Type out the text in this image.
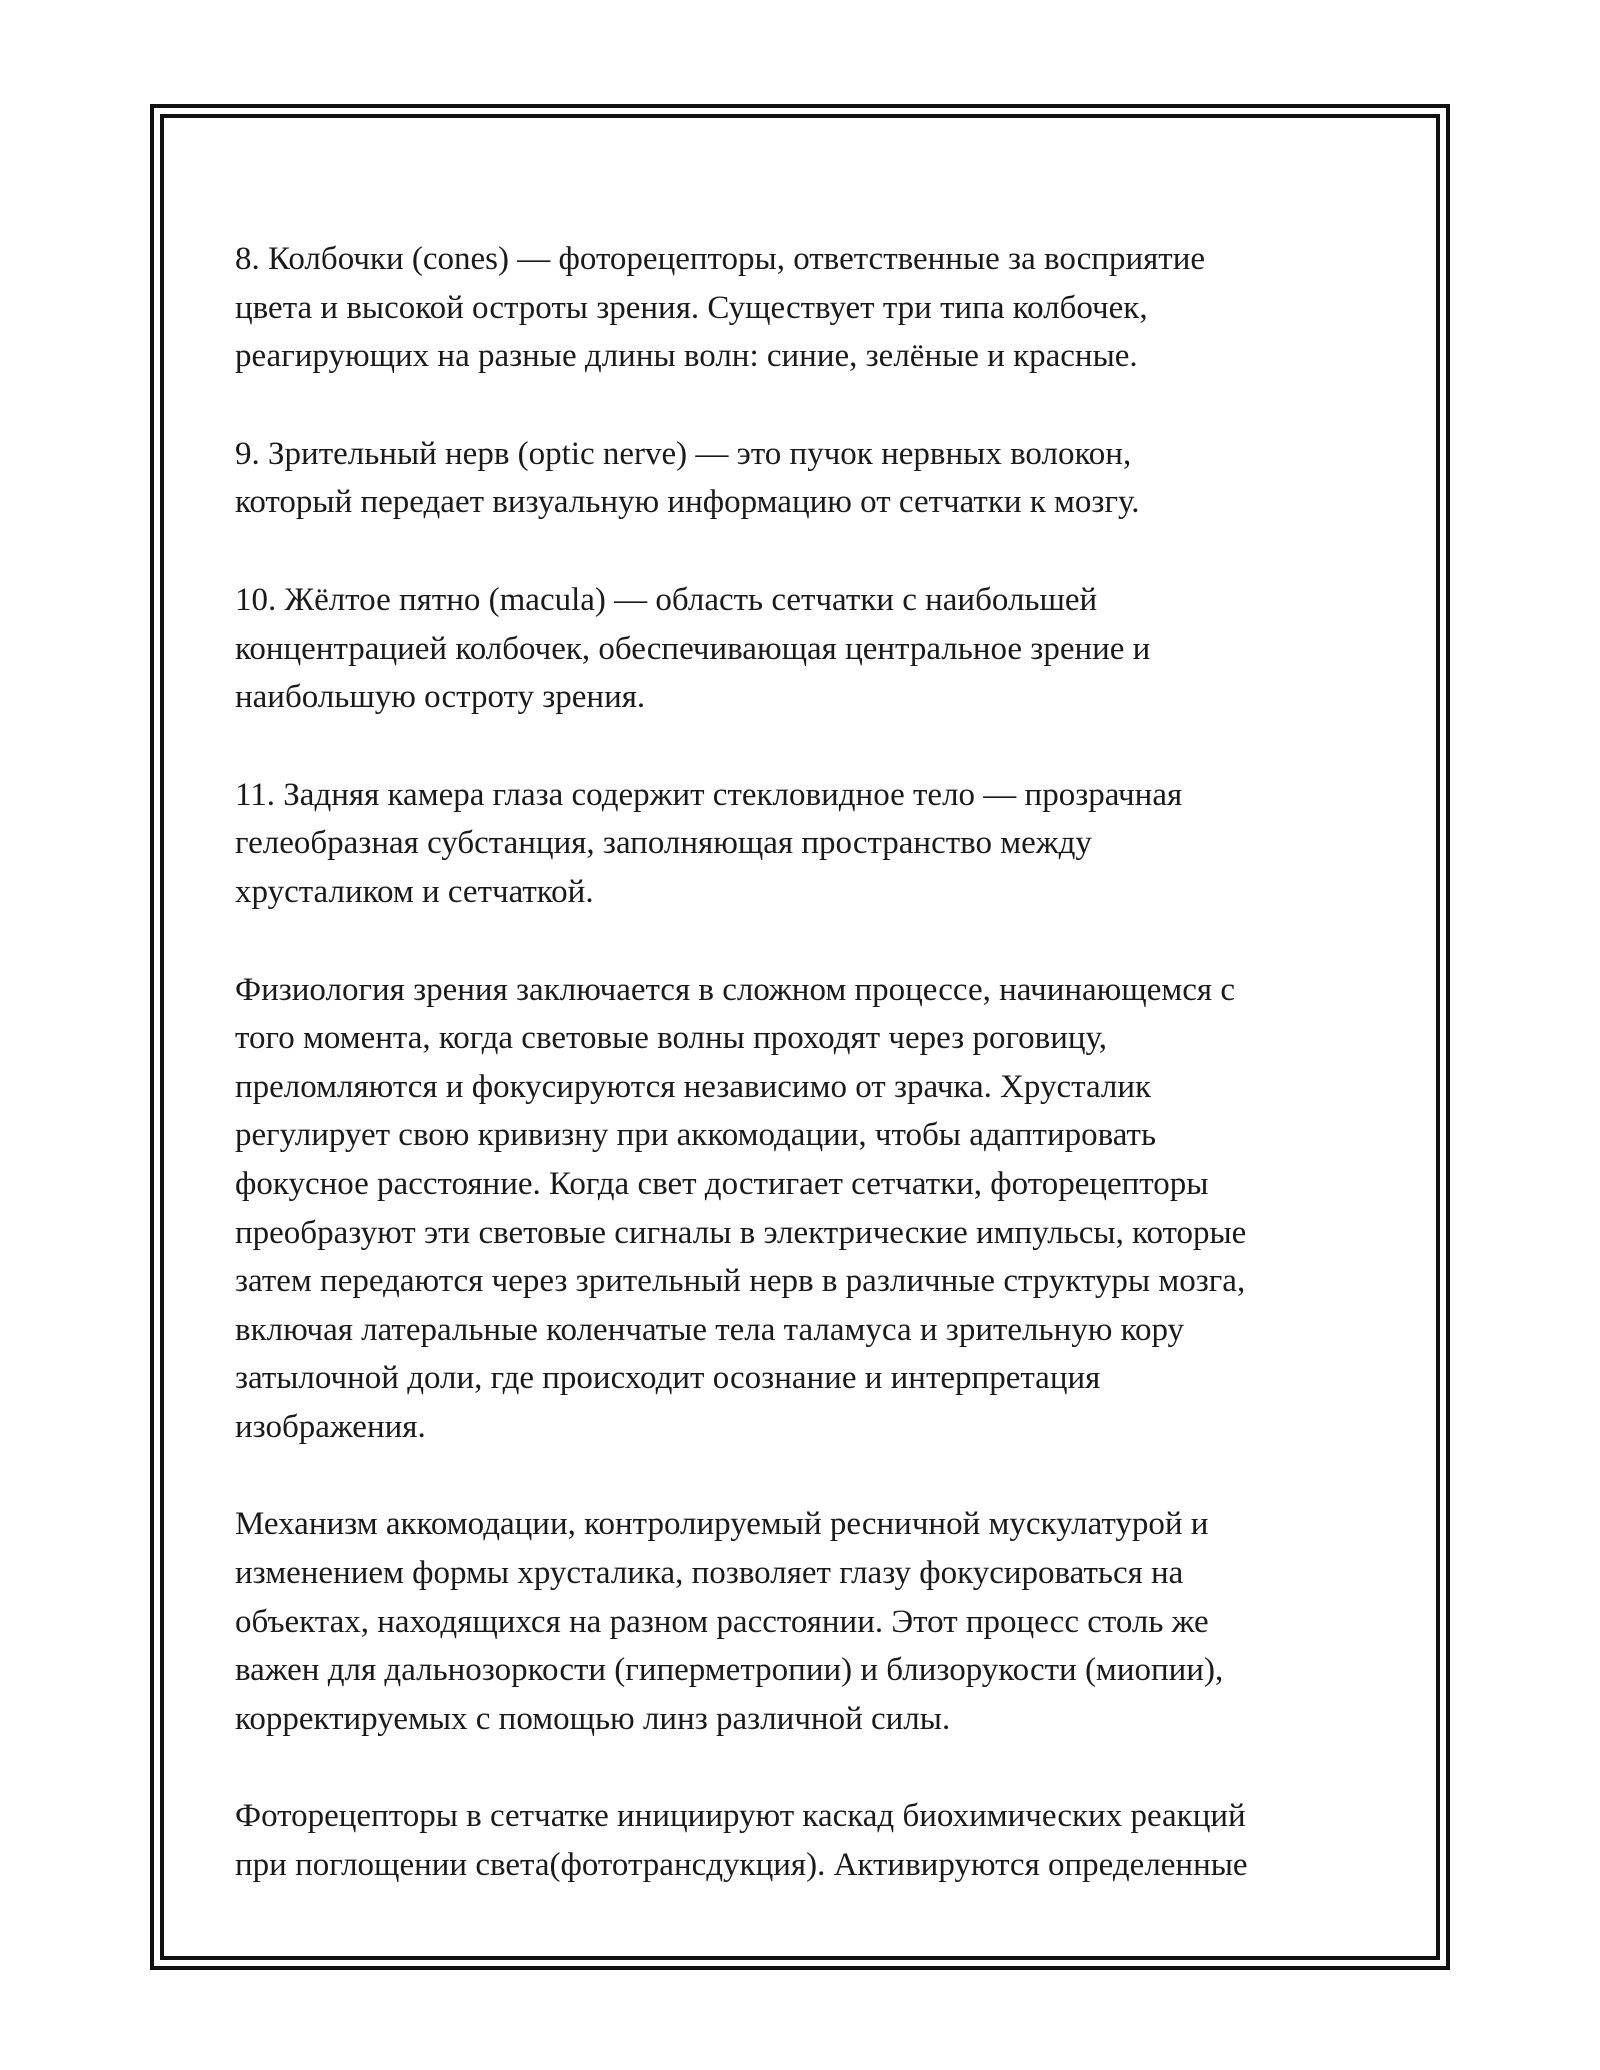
8. Колбочки (cones) — фоторецепторы, ответственные за восприятие
цвета и высокой остроты зрения. Существует три типа колбочек,
реагирующих на разные длины волн: синие, зелёные и красные.

9. Зрительный нерв (optic nerve) — это пучок нервных волокон,
который передает визуальную информацию от сетчатки к мозгу.

10. Жёлтое пятно (macula) — область сетчатки с наибольшей
концентрацией колбочек, обеспечивающая центральное зрение и
наибольшую остроту зрения.

11. Задняя камера глаза содержит стекловидное тело — прозрачная
гелеобразная субстанция, заполняющая пространство между
хрусталиком и сетчаткой.

Физиология зрения заключается в сложном процессе, начинающемся с
того момента, когда световые волны проходят через роговицу,
преломляются и фокусируются независимо от зрачка. Хрусталик
регулирует свою кривизну при аккомодации, чтобы адаптировать
фокусное расстояние. Когда свет достигает сетчатки, фоторецепторы
преобразуют эти световые сигналы в электрические импульсы, которые
затем передаются через зрительный нерв в различные структуры мозга,
включая латеральные коленчатые тела таламуса и зрительную кору
затылочной доли, где происходит осознание и интерпретация
изображения.

Механизм аккомодации, контролируемый ресничной мускулатурой и
изменением формы хрусталика, позволяет глазу фокусироваться на
объектах, находящихся на разном расстоянии. Этот процесс столь же
важен для дальнозоркости (гиперметропии) и близорукости (миопии),
корректируемых с помощью линз различной силы.

Фоторецепторы в сетчатке инициируют каскад биохимических реакций
при поглощении света(фототрансдукция). Активируются определенные
